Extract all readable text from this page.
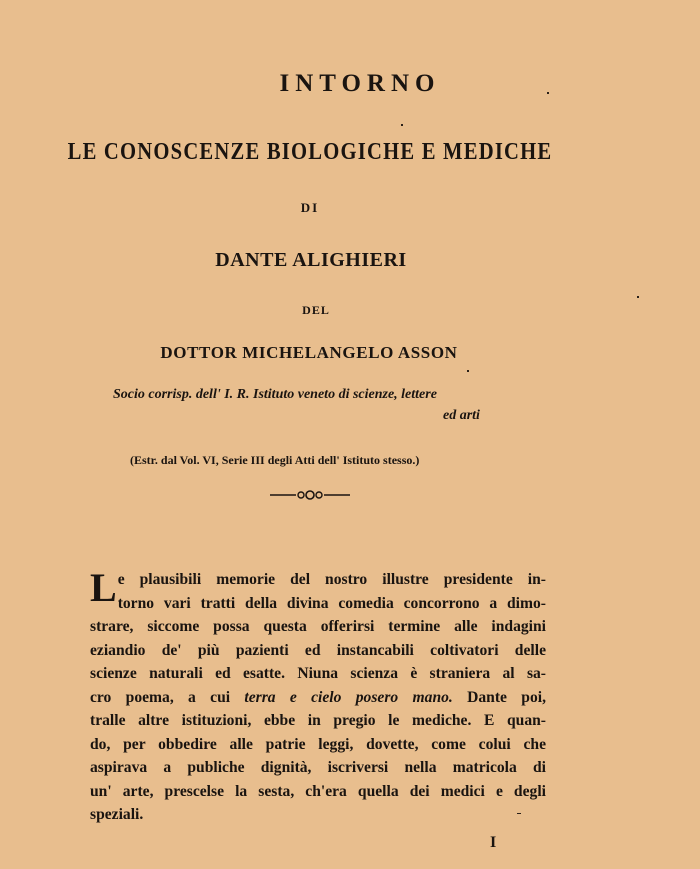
INTORNO
LE CONOSCENZE BIOLOGICHE E MEDICHE
DI
DANTE ALIGHIERI
DEL
DOTTOR MICHELANGELO ASSON
Socio corrisp. dell' I. R. Istituto veneto di scienze, lettere
ed arti
(Estr. dal Vol. VI, Serie III degli Atti dell' Istituto stesso.)
L e plausibili memorie del nostro illustre presidente in-
torno vari tratti della divina comedia concorrono a dimo-
strare, siccome possa questa offerirsi termine alle indagini
eziandio de' più pazienti ed instancabili coltivatori delle
scienze naturali ed esatte. Niuna scienza è straniera al sa-
cro poema, a cui terra e cielo posero mano. Dante poi,
tralle altre istituzioni, ebbe in pregio le mediche. E quan-
do, per obbedire alle patrie leggi, dovette, come colui che
aspirava a publiche dignità, iscriversi nella matricola di
un' arte, prescelse la sesta, ch'era quella dei medici e degli
speziali.
I
